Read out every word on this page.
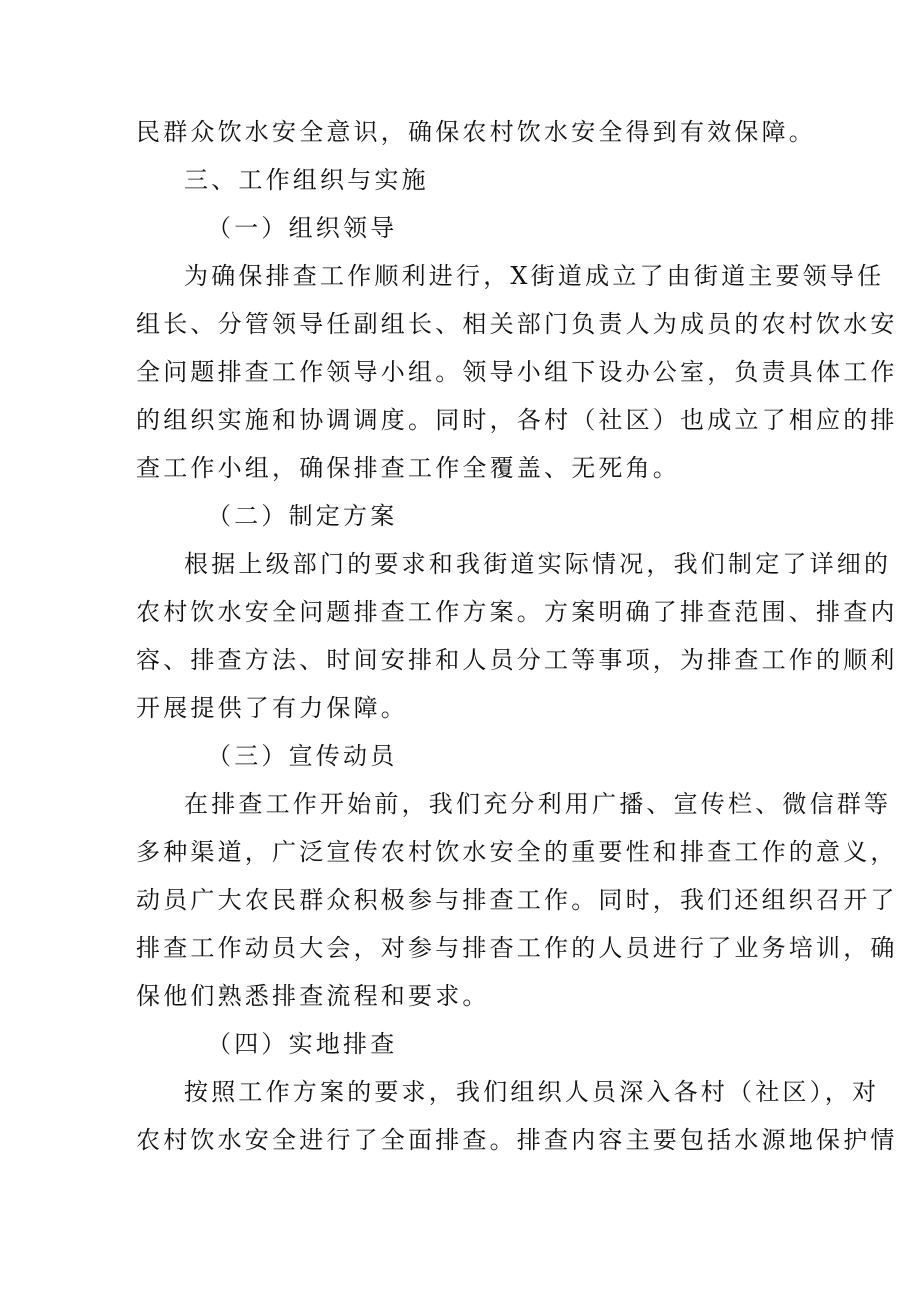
民群众饮水安全意识，确保农村饮水安全得到有效保障。
三、工作组织与实施
（一）组织领导
为确保排查工作顺利进行，X街道成立了由街道主要领导任
组长、分管领导任副组长、相关部门负责人为成员的农村饮水安
全问题排查工作领导小组。领导小组下设办公室，负责具体工作
的组织实施和协调调度。同时，各村（社区）也成立了相应的排
查工作小组，确保排查工作全覆盖、无死角。
（二）制定方案
根据上级部门的要求和我街道实际情况，我们制定了详细的
农村饮水安全问题排查工作方案。方案明确了排查范围、排查内
容、排查方法、时间安排和人员分工等事项，为排查工作的顺利
开展提供了有力保障。
（三）宣传动员
在排查工作开始前，我们充分利用广播、宣传栏、微信群等
多种渠道，广泛宣传农村饮水安全的重要性和排查工作的意义，
动员广大农民群众积极参与排查工作。同时，我们还组织召开了
排查工作动员大会，对参与排杳工作的人员进行了业务培训，确
保他们熟悉排查流程和要求。
（四）实地排查
按照工作方案的要求，我们组织人员深入各村（社区），对
农村饮水安全进行了全面排查。排查内容主要包括水源地保护情
